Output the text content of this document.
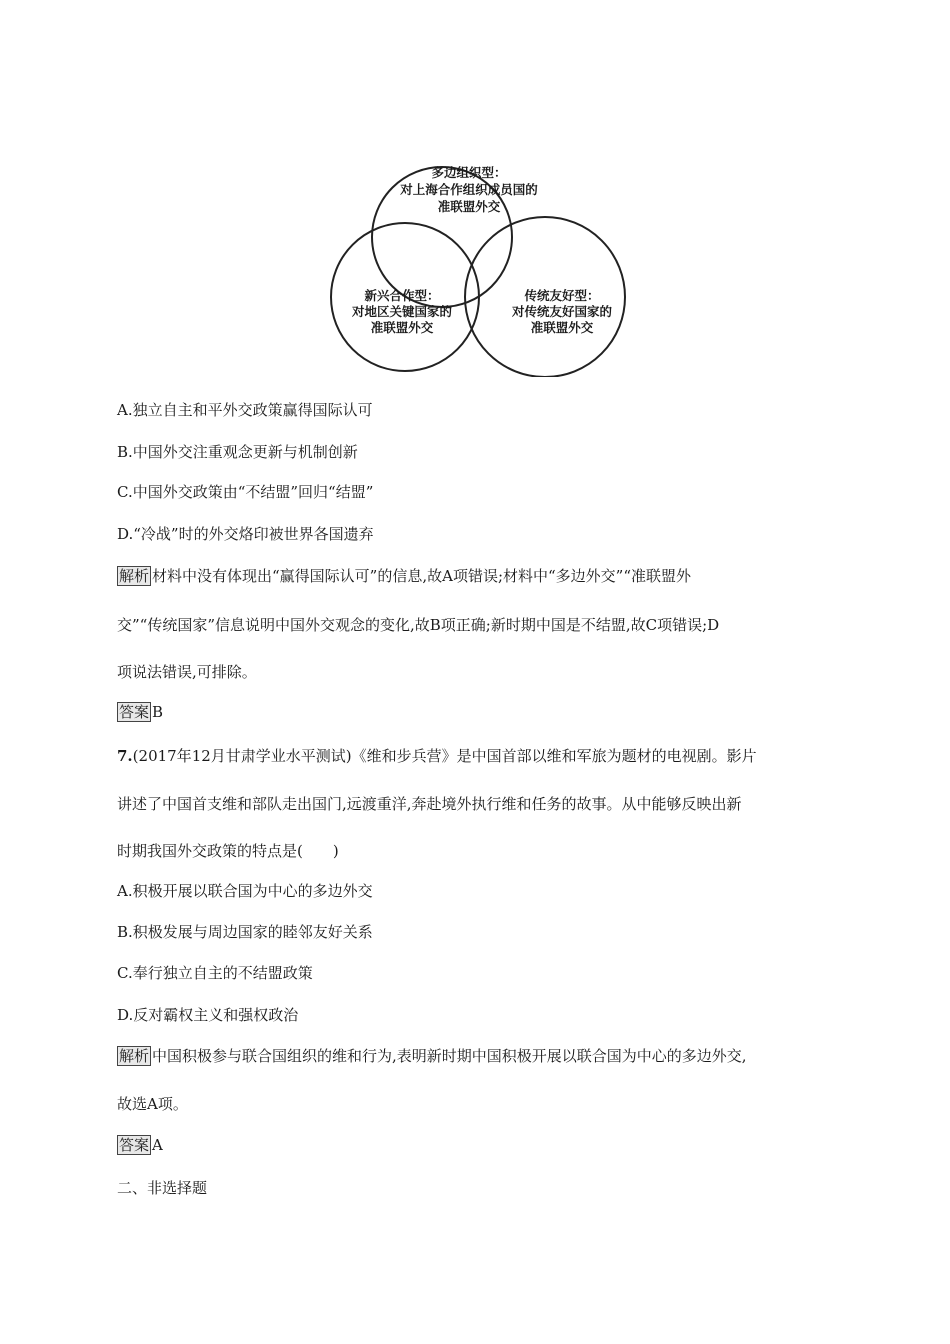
多边组织型：
对上海合作组织成员国的
准联盟外交
新兴合作型：
对地区关键国家的
准联盟外交
传统友好型：
对传统友好国家的
准联盟外交
A.独立自主和平外交政策赢得国际认可
B.中国外交注重观念更新与机制创新
C.中国外交政策由“不结盟”回归“结盟”
D.“冷战”时的外交烙印被世界各国遗弃
解析 材料中没有体现出“赢得国际认可”的信息,故A项错误;材料中“多边外交”“准联盟外
交”“传统国家”信息说明中国外交观念的变化,故B项正确;新时期中国是不结盟,故C项错误;D
项说法错误,可排除。
答案 B
7.(2017年12月甘肃学业水平测试)《维和步兵营》是中国首部以维和军旅为题材的电视剧。影片
讲述了中国首支维和部队走出国门,远渡重洋,奔赴境外执行维和任务的故事。从中能够反映出新
时期我国外交政策的特点是(　　)
A.积极开展以联合国为中心的多边外交
B.积极发展与周边国家的睦邻友好关系
C.奉行独立自主的不结盟政策
D.反对霸权主义和强权政治
解析 中国积极参与联合国组织的维和行为,表明新时期中国积极开展以联合国为中心的多边外交,
故选A项。
答案 A
二、非选择题
